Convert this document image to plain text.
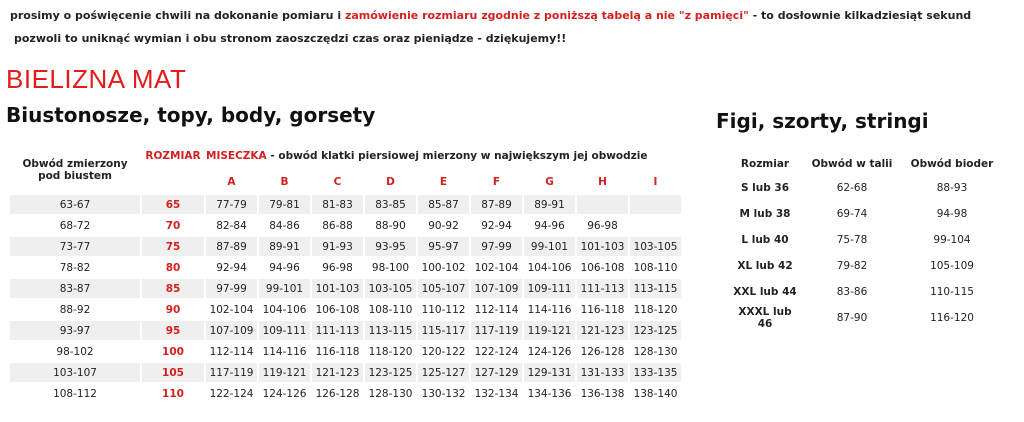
prosimy o poświęcenie chwili na dokonanie pomiaru i zamówienie rozmiaru zgodnie z poniższą tabelą a nie "z pamięci" - to dosłownie kilkadziesiąt sekund
pozwoli to uniknąć wymian i obu stronom zaoszczędzi czas oraz pieniądze - dziękujemy!!
BIELIZNA MAT
Biustonosze, topy, body, gorsety	Figi, szorty, stringi
Obwód zmierzony pod biustem	ROZMIAR	MISECZKA - obwód klatki piersiowej mierzony w największym jej obwodzie								
		A	B	C	D	E	F	G	H	I
63-67	65	77-79	79-81	81-83	83-85	85-87	87-89	89-91		
68-72	70	82-84	84-86	86-88	88-90	90-92	92-94	94-96	96-98	
73-77	75	87-89	89-91	91-93	93-95	95-97	97-99	99-101	101-103	103-105
78-82	80	92-94	94-96	96-98	98-100	100-102	102-104	104-106	106-108	108-110
83-87	85	97-99	99-101	101-103	103-105	105-107	107-109	109-111	111-113	113-115
88-92	90	102-104	104-106	106-108	108-110	110-112	112-114	114-116	116-118	118-120
93-97	95	107-109	109-111	111-113	113-115	115-117	117-119	119-121	121-123	123-125
98-102	100	112-114	114-116	116-118	118-120	120-122	122-124	124-126	126-128	128-130
103-107	105	117-119	119-121	121-123	123-125	125-127	127-129	129-131	131-133	133-135
108-112	110	122-124	124-126	126-128	128-130	130-132	132-134	134-136	136-138	138-140
Rozmiar	Obwód w talii	Obwód bioder
S lub 36	62-68	88-93
M lub 38	69-74	94-98
L lub 40	75-78	99-104
XL lub 42	79-82	105-109
XXL lub 44	83-86	110-115
XXXL lub 46	87-90	116-120
